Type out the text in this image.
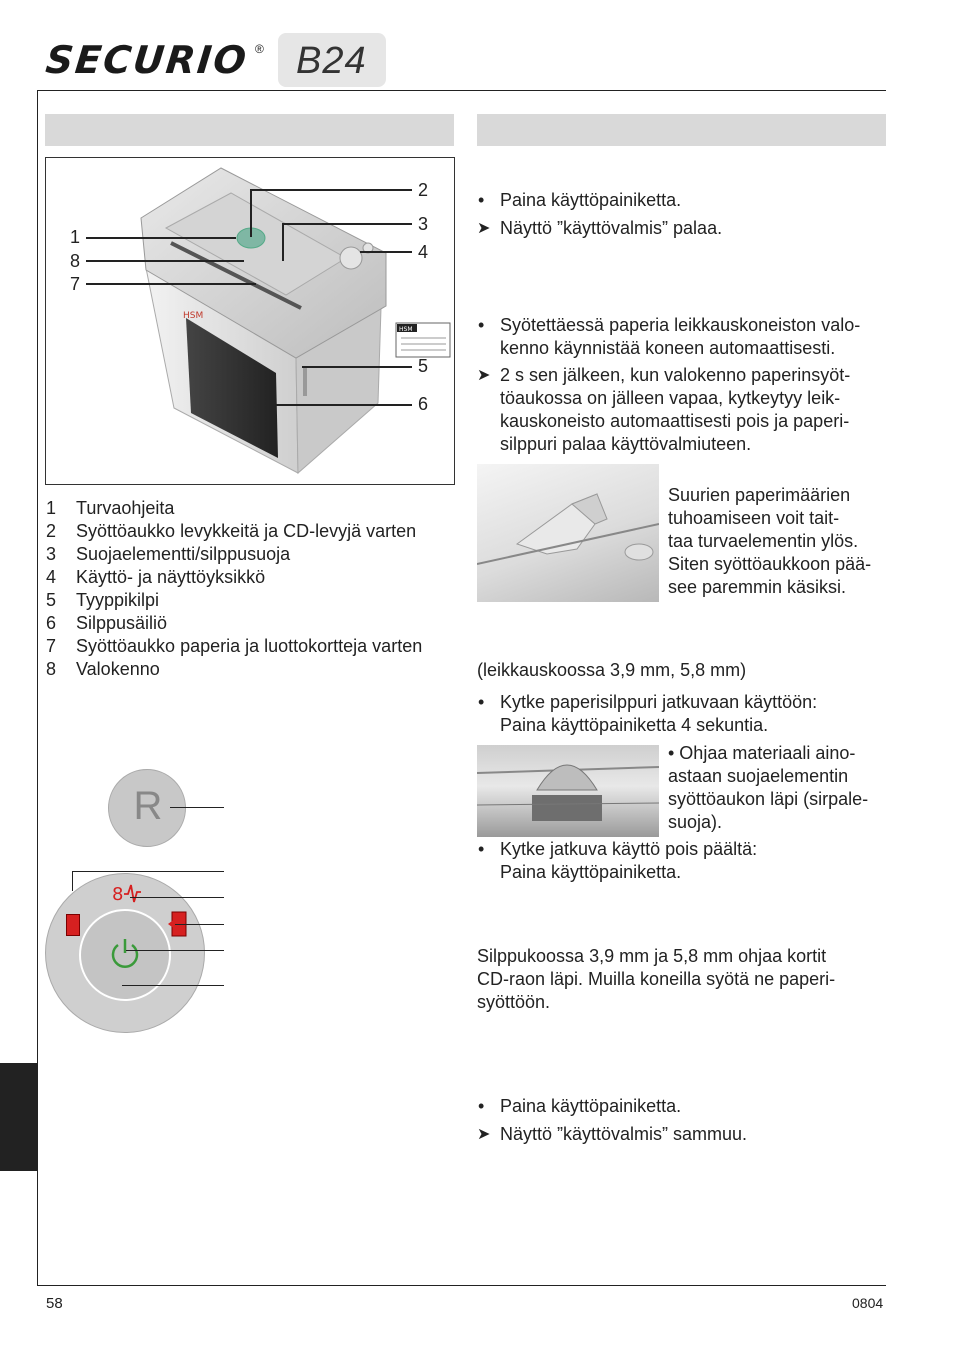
SECURIO ® B24
HSM
HSM
1
8
7
2
3
4
5
6
1 Turvaohjeita
2 Syöttöaukko levykkeitä ja CD-levyjä varten
3 Suojaelementti/silppusuoja
4 Käyttö- ja näyttöyksikkö
5 Tyyppikilpi
6 Silppusäiliö
7 Syöttöaukko paperia ja luottokortteja varten
8 Valokenno
R
8
• Paina käyttöpainiketta.
➤ Näyttö ”käyttövalmis” palaa.
• Syötettäessä paperia leikkauskoneiston valo-
kenno käynnistää koneen automaattisesti.
➤ 2 s sen jälkeen, kun valokenno paperinsyöt-
töaukossa on jälleen vapaa, kytkeytyy leik-
kauskoneisto automaattisesti pois ja paperi-
silppuri palaa käyttövalmiuteen.
Suurien paperimäärien
tuhoamiseen voit tait-
taa turvaelementin ylös.
Siten syöttöaukkoon pää-
see paremmin käsiksi.
(leikkauskoossa 3,9 mm, 5,8 mm)
• Kytke paperisilppuri jatkuvaan käyttöön:
Paina käyttöpainiketta 4 sekuntia.
• Ohjaa materiaali aino-
astaan suojaelementin
syöttöaukon läpi (sirpale-
suoja).
• Kytke jatkuva käyttö pois päältä:
Paina käyttöpainiketta.
Silppukoossa 3,9 mm ja 5,8 mm ohjaa kortit
CD-raon läpi. Muilla koneilla syötä ne paperi-
syöttöön.
• Paina käyttöpainiketta.
➤ Näyttö ”käyttövalmis” sammuu.
58	0804
